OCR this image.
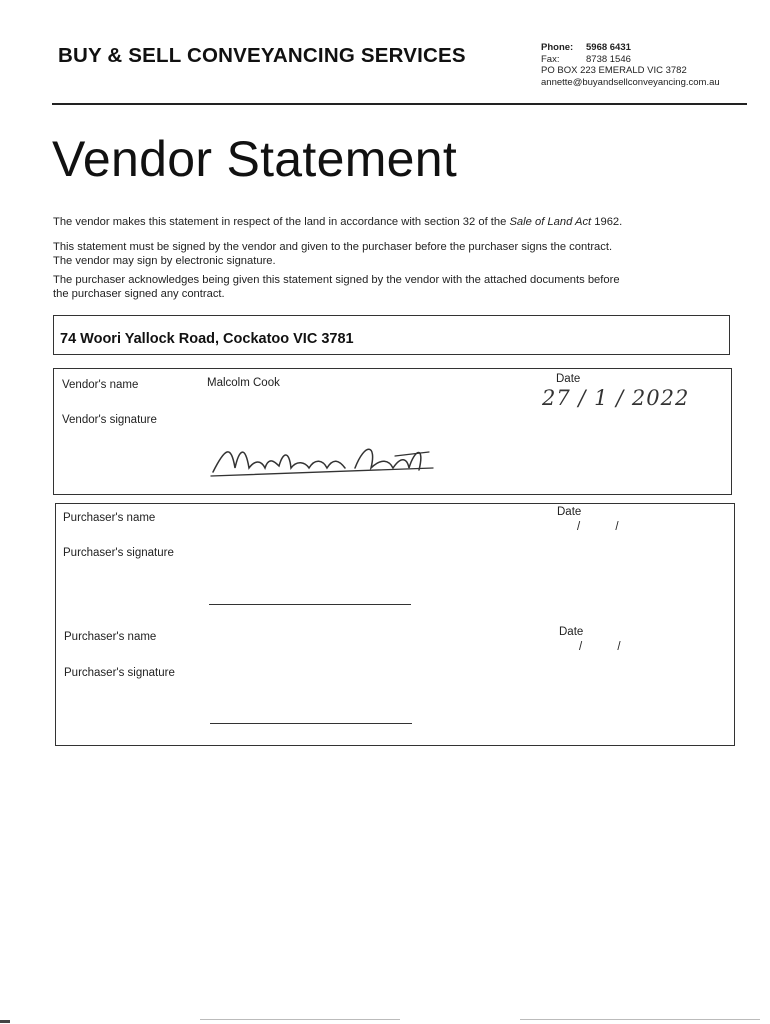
BUY & SELL CONVEYANCING SERVICES	Phone: 5968 6431
Fax:	8738 1546
PO BOX 223 EMERALD VIC 3782
annette@buyandsellconveyancing.com.au
Vendor Statement
The vendor makes this statement in respect of the land in accordance with section 32 of the Sale of Land Act 1962.
This statement must be signed by the vendor and given to the purchaser before the purchaser signs the contract.
The vendor may sign by electronic signature.
The purchaser acknowledges being given this statement signed by the vendor with the attached documents before
the purchaser signed any contract.
74 Woori Yallock Road, Cockatoo VIC 3781
Vendor's name	Malcolm Cook	Date
27 / 1 / 2022
Vendor's signature
Purchaser's name	Date
/ /
Purchaser's signature
Purchaser's name	Date
/ /
Purchaser's signature
